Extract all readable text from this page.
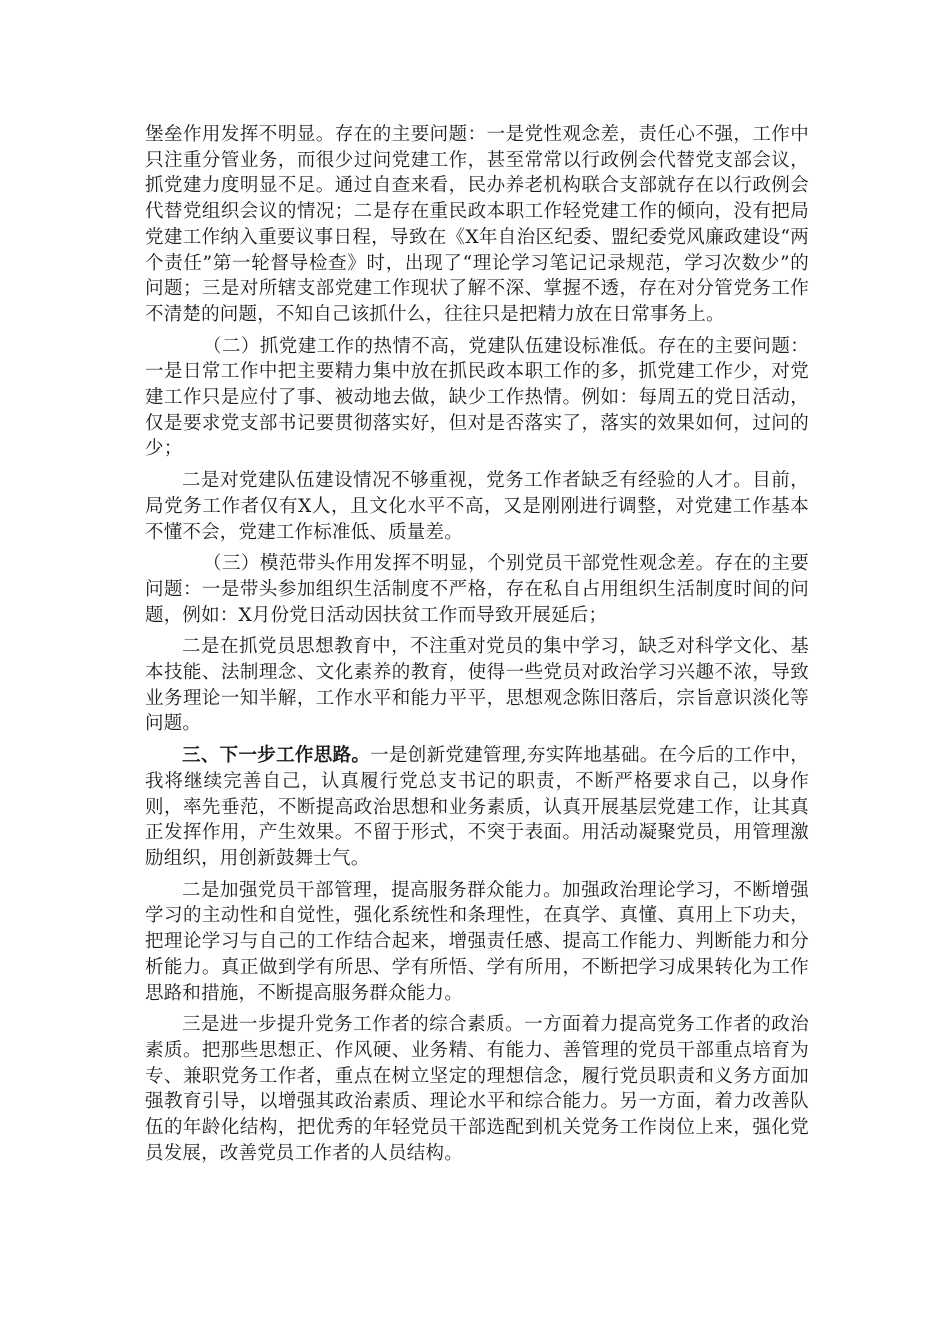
堡垒作用发挥不明显。存在的主要问题：一是党性观念差，责任心不强，工作中只注重分管业务，而很少过问党建工作，甚至常常以行政例会代替党支部会议，抓党建力度明显不足。通过自查来看，民办养老机构联合支部就存在以行政例会代替党组织会议的情况；二是存在重民政本职工作轻党建工作的倾向，没有把局党建工作纳入重要议事日程，导致在《X年自治区纪委、盟纪委党风廉政建设“两个责任”第一轮督导检查》时，出现了“理论学习笔记记录规范，学习次数少”的问题；三是对所辖支部党建工作现状了解不深、掌握不透，存在对分管党务工作不清楚的问题，不知自己该抓什么，往往只是把精力放在日常事务上。

（二）抓党建工作的热情不高，党建队伍建设标准低。存在的主要问题：一是日常工作中把主要精力集中放在抓民政本职工作的多，抓党建工作少，对党建工作只是应付了事、被动地去做，缺少工作热情。例如：每周五的党日活动，仅是要求党支部书记要贯彻落实好，但对是否落实了，落实的效果如何，过问的少；

二是对党建队伍建设情况不够重视，党务工作者缺乏有经验的人才。目前，局党务工作者仅有X人，且文化水平不高，又是刚刚进行调整，对党建工作基本不懂不会，党建工作标准低、质量差。

（三）模范带头作用发挥不明显，个别党员干部党性观念差。存在的主要问题：一是带头参加组织生活制度不严格，存在私自占用组织生活制度时间的问题，例如：X月份党日活动因扶贫工作而导致开展延后；

二是在抓党员思想教育中，不注重对党员的集中学习，缺乏对科学文化、基本技能、法制理念、文化素养的教育，使得一些党员对政治学习兴趣不浓，导致业务理论一知半解，工作水平和能力平平，思想观念陈旧落后，宗旨意识淡化等问题。

三、下一步工作思路。一是创新党建管理,夯实阵地基础。在今后的工作中，我将继续完善自己，认真履行党总支书记的职责，不断严格要求自己，以身作则，率先垂范，不断提高政治思想和业务素质，认真开展基层党建工作，让其真正发挥作用，产生效果。不留于形式，不突于表面。用活动凝聚党员，用管理激励组织，用创新鼓舞士气。

二是加强党员干部管理，提高服务群众能力。加强政治理论学习，不断增强学习的主动性和自觉性，强化系统性和条理性，在真学、真懂、真用上下功夫，把理论学习与自己的工作结合起来，增强责任感、提高工作能力、判断能力和分析能力。真正做到学有所思、学有所悟、学有所用，不断把学习成果转化为工作思路和措施，不断提高服务群众能力。

三是进一步提升党务工作者的综合素质。一方面着力提高党务工作者的政治素质。把那些思想正、作风硬、业务精、有能力、善管理的党员干部重点培育为专、兼职党务工作者，重点在树立坚定的理想信念，履行党员职责和义务方面加强教育引导，以增强其政治素质、理论水平和综合能力。另一方面，着力改善队伍的年龄化结构，把优秀的年轻党员干部选配到机关党务工作岗位上来，强化党员发展，改善党员工作者的人员结构。
